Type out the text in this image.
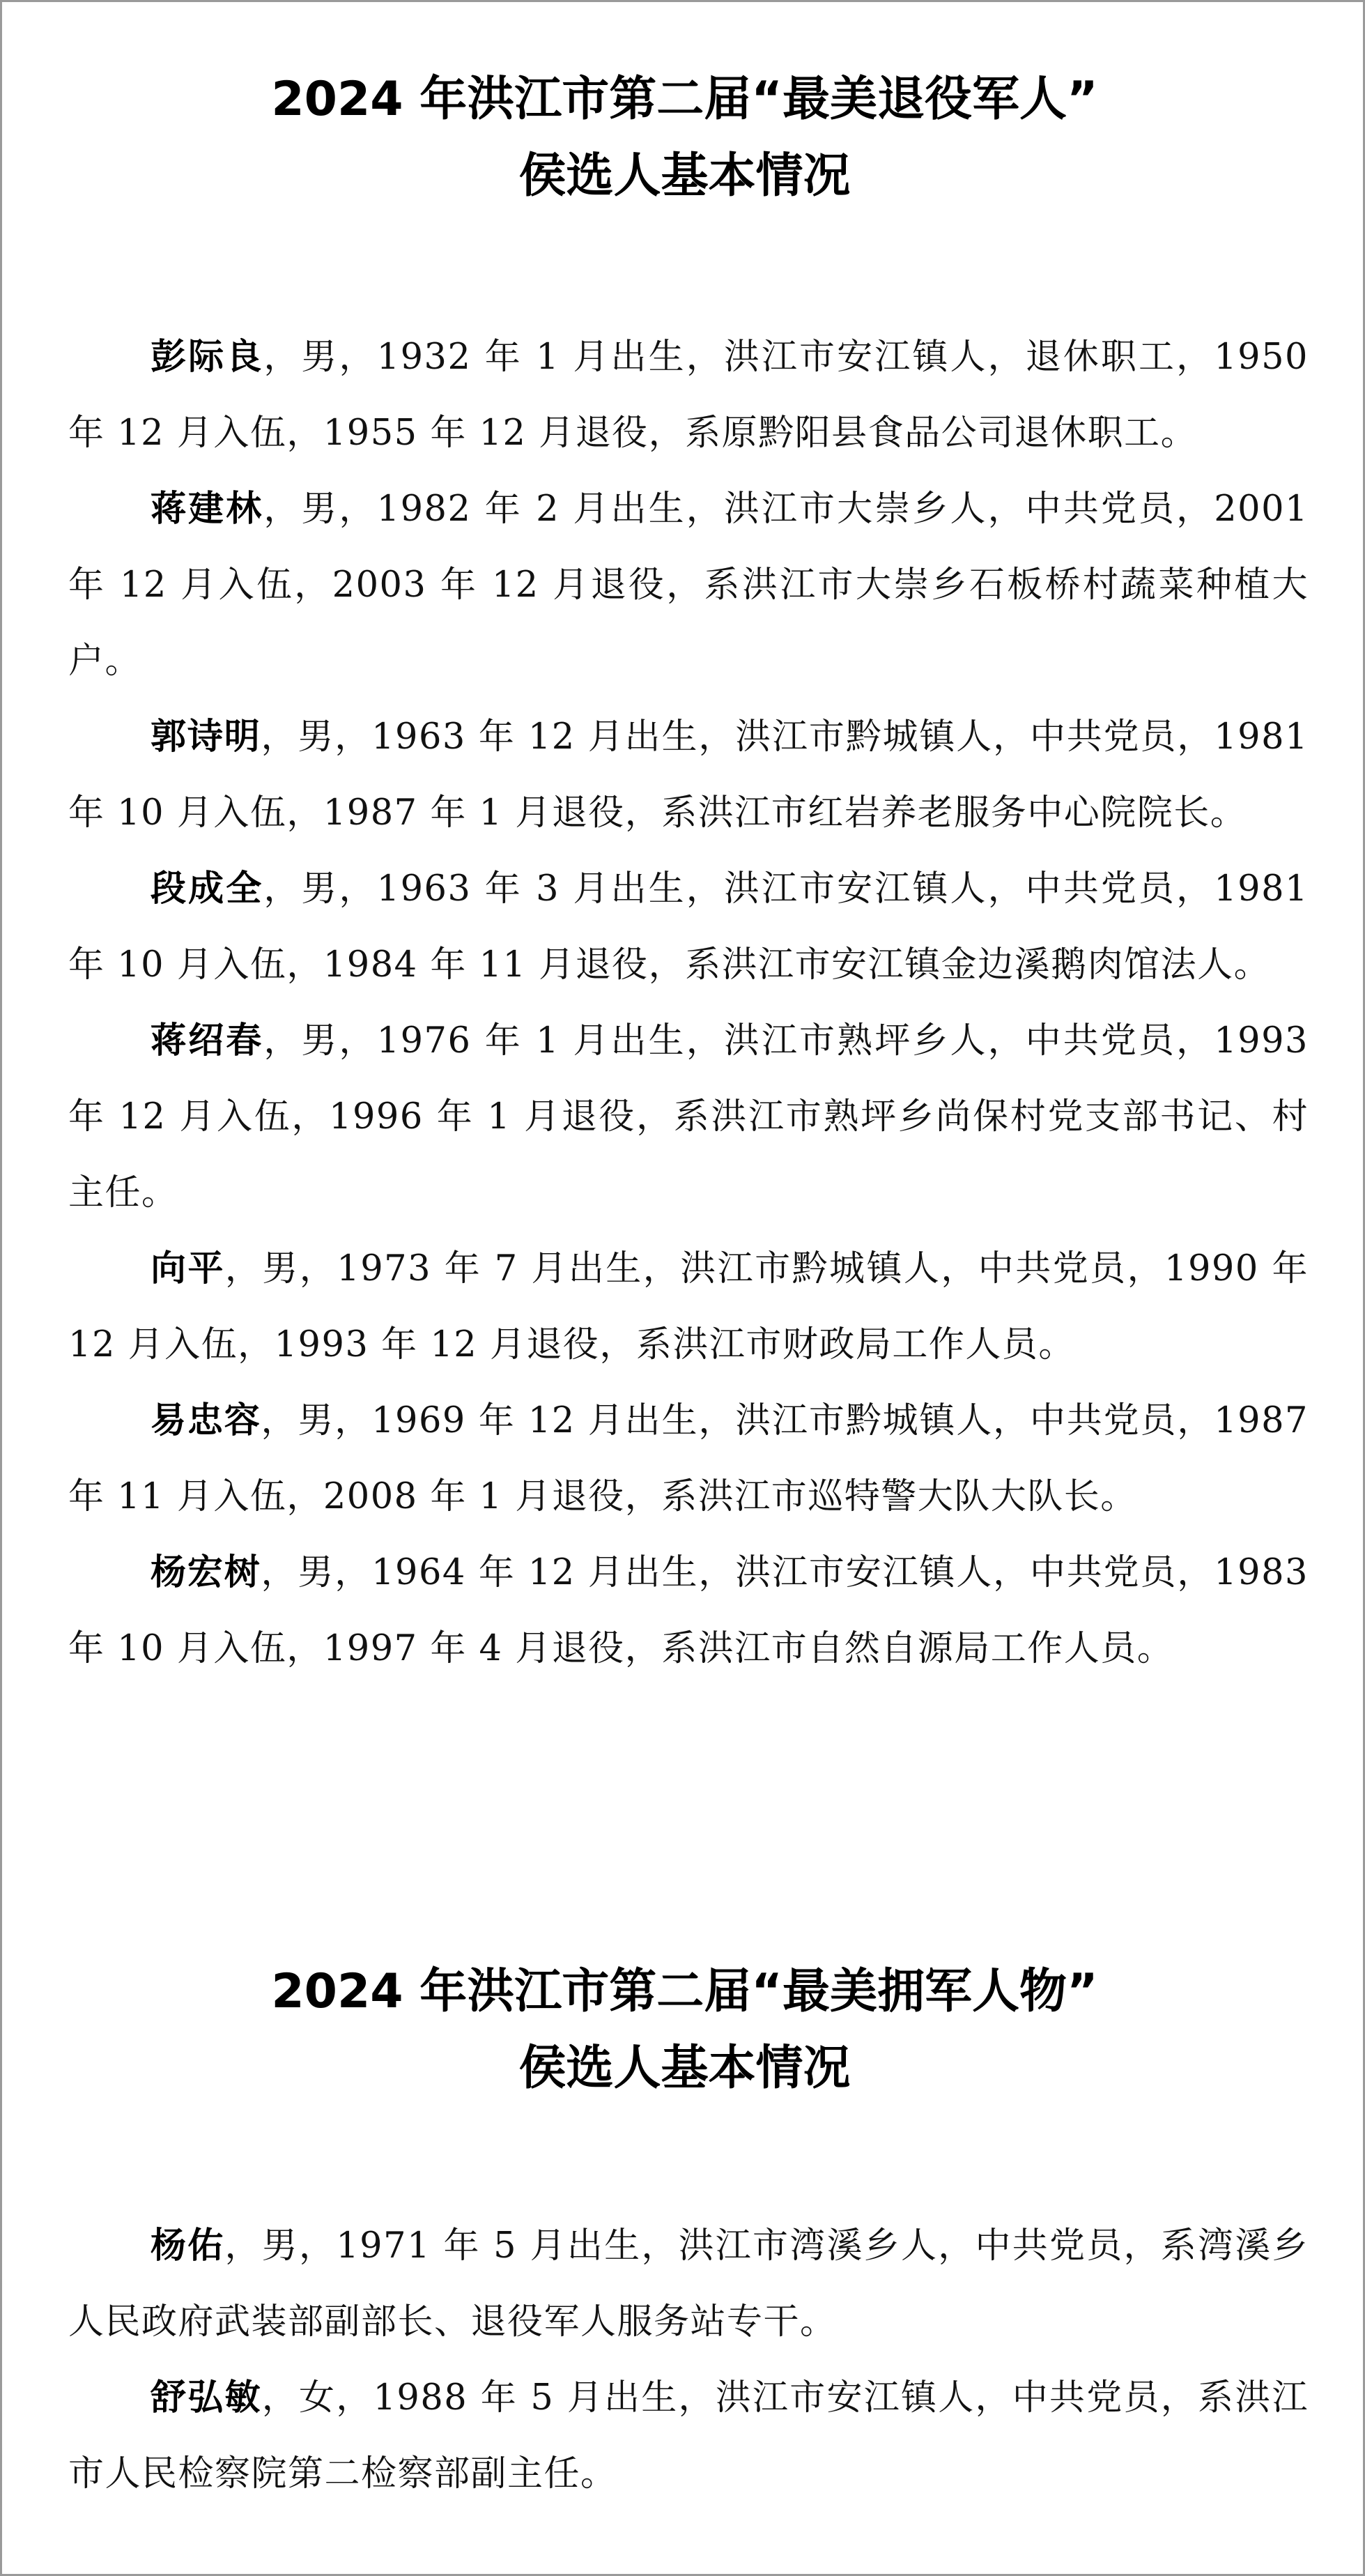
2024 年洪江市第二届“最美退役军人”

侯选人基本情况

彭际良，男，1932 年 1 月出生，洪江市安江镇人，退休职工，1950 年 12 月入伍，1955 年 12 月退役，系原黔阳县食品公司退休职工。

蒋建林，男，1982 年 2 月出生，洪江市大崇乡人，中共党员，2001 年 12 月入伍，2003 年 12 月退役，系洪江市大崇乡石板桥村蔬菜种植大户。

郭诗明，男，1963 年 12 月出生，洪江市黔城镇人，中共党员，1981 年 10 月入伍，1987 年 1 月退役，系洪江市红岩养老服务中心院院长。

段成全，男，1963 年 3 月出生，洪江市安江镇人，中共党员，1981 年 10 月入伍，1984 年 11 月退役，系洪江市安江镇金边溪鹅肉馆法人。

蒋绍春，男，1976 年 1 月出生，洪江市熟坪乡人，中共党员，1993 年 12 月入伍，1996 年 1 月退役，系洪江市熟坪乡尚保村党支部书记、村主任。

向平，男，1973 年 7 月出生，洪江市黔城镇人，中共党员，1990 年 12 月入伍，1993 年 12 月退役，系洪江市财政局工作人员。

易忠容，男，1969 年 12 月出生，洪江市黔城镇人，中共党员，1987 年 11 月入伍，2008 年 1 月退役，系洪江市巡特警大队大队长。

杨宏树，男，1964 年 12 月出生，洪江市安江镇人，中共党员，1983 年 10 月入伍，1997 年 4 月退役，系洪江市自然自源局工作人员。

2024 年洪江市第二届“最美拥军人物”

侯选人基本情况

杨佑，男，1971 年 5 月出生，洪江市湾溪乡人，中共党员，系湾溪乡人民政府武装部副部长、退役军人服务站专干。

舒弘敏，女，1988 年 5 月出生，洪江市安江镇人，中共党员，系洪江市人民检察院第二检察部副主任。
